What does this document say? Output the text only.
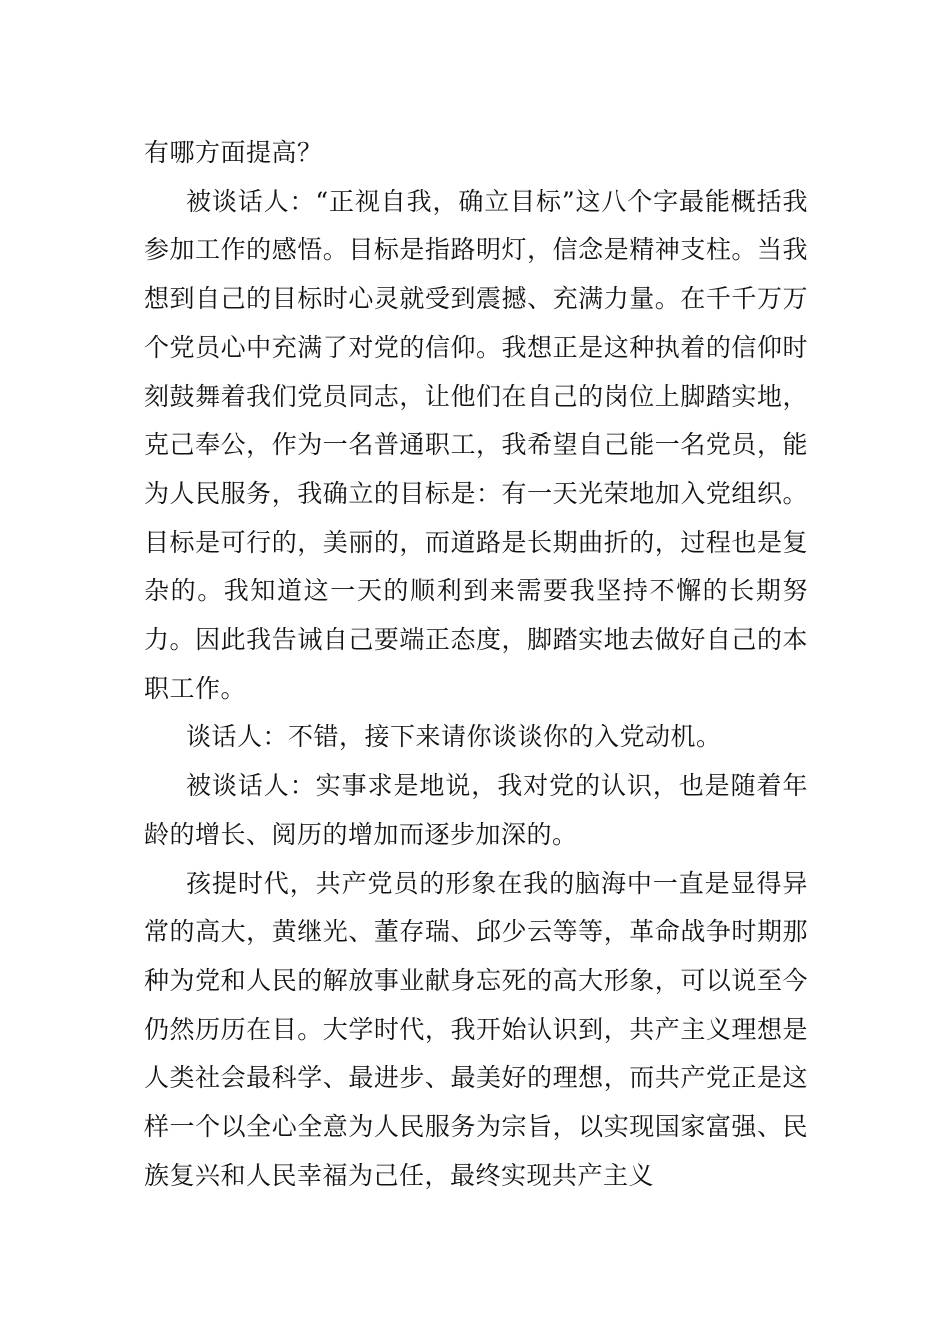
有哪方面提高？

被谈话人：“正视自我，确立目标”这八个字最能概括我参加工作的感悟。目标是指路明灯，信念是精神支柱。当我想到自己的目标时心灵就受到震撼、充满力量。在千千万万个党员心中充满了对党的信仰。我想正是这种执着的信仰时刻鼓舞着我们党员同志，让他们在自己的岗位上脚踏实地，克己奉公，作为一名普通职工，我希望自己能一名党员，能为人民服务，我确立的目标是：有一天光荣地加入党组织。目标是可行的，美丽的，而道路是长期曲折的，过程也是复杂的。我知道这一天的顺利到来需要我坚持不懈的长期努力。因此我告诫自己要端正态度，脚踏实地去做好自己的本职工作。

谈话人：不错，接下来请你谈谈你的入党动机。

被谈话人：实事求是地说，我对党的认识，也是随着年龄的增长、阅历的增加而逐步加深的。

孩提时代，共产党员的形象在我的脑海中一直是显得异常的高大，黄继光、董存瑞、邱少云等等，革命战争时期那种为党和人民的解放事业献身忘死的高大形象，可以说至今仍然历历在目。大学时代，我开始认识到，共产主义理想是人类社会最科学、最进步、最美好的理想，而共产党正是这样一个以全心全意为人民服务为宗旨，以实现国家富强、民族复兴和人民幸福为己任，最终实现共产主义
